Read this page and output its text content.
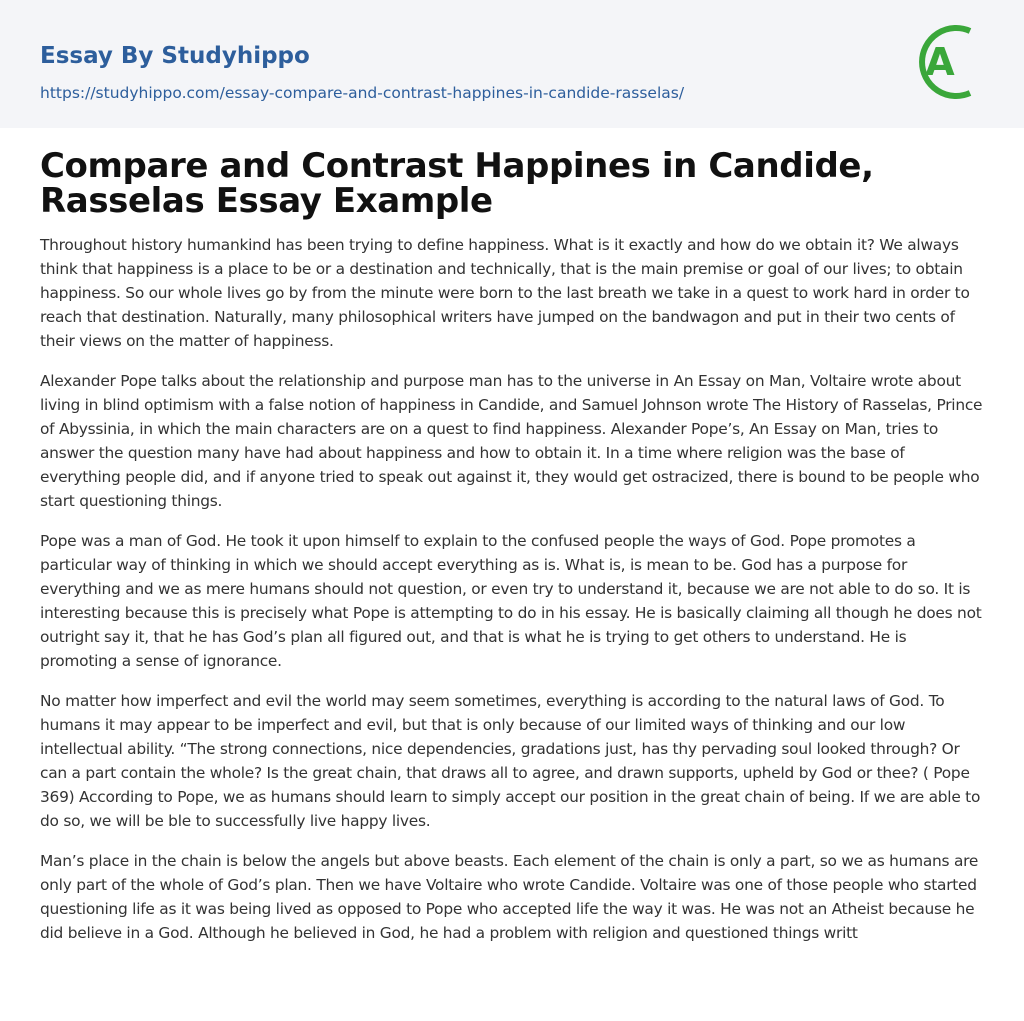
Essay By Studyhippo
https://studyhippo.com/essay-compare-and-contrast-happines-in-candide-rasselas/
A
Compare and Contrast Happines in Candide, Rasselas Essay Example

Throughout history humankind has been trying to define happiness. What is it exactly and how do we obtain it? We always think that happiness is a place to be or a destination and technically, that is the main premise or goal of our lives; to obtain happiness. So our whole lives go by from the minute were born to the last breath we take in a quest to work hard in order to reach that destination. Naturally, many philosophical writers have jumped on the bandwagon and put in their two cents of their views on the matter of happiness.

Alexander Pope talks about the relationship and purpose man has to the universe in An Essay on Man, Voltaire wrote about living in blind optimism with a false notion of happiness in Candide, and Samuel Johnson wrote The History of Rasselas, Prince of Abyssinia, in which the main characters are on a quest to find happiness. Alexander Pope’s, An Essay on Man, tries to answer the question many have had about happiness and how to obtain it. In a time where religion was the base of everything people did, and if anyone tried to speak out against it, they would get ostracized, there is bound to be people who start questioning things.

Pope was a man of God. He took it upon himself to explain to the confused people the ways of God. Pope promotes a particular way of thinking in which we should accept everything as is. What is, is mean to be. God has a purpose for everything and we as mere humans should not question, or even try to understand it, because we are not able to do so. It is interesting because this is precisely what Pope is attempting to do in his essay. He is basically claiming all though he does not outright say it, that he has God’s plan all figured out, and that is what he is trying to get others to understand. He is promoting a sense of ignorance.

No matter how imperfect and evil the world may seem sometimes, everything is according to the natural laws of God. To humans it may appear to be imperfect and evil, but that is only because of our limited ways of thinking and our low intellectual ability. “The strong connections, nice dependencies, gradations just, has thy pervading soul looked through? Or can a part contain the whole? Is the great chain, that draws all to agree, and drawn supports, upheld by God or thee? ( Pope 369) According to Pope, we as humans should learn to simply accept our position in the great chain of being. If we are able to do so, we will be ble to successfully live happy lives.

Man’s place in the chain is below the angels but above beasts. Each element of the chain is only a part, so we as humans are only part of the whole of God’s plan. Then we have Voltaire who wrote Candide. Voltaire was one of those people who started questioning life as it was being lived as opposed to Pope who accepted life the way it was. He was not an Atheist because he did believe in a God. Although he believed in God, he had a problem with religion and questioned things writt
